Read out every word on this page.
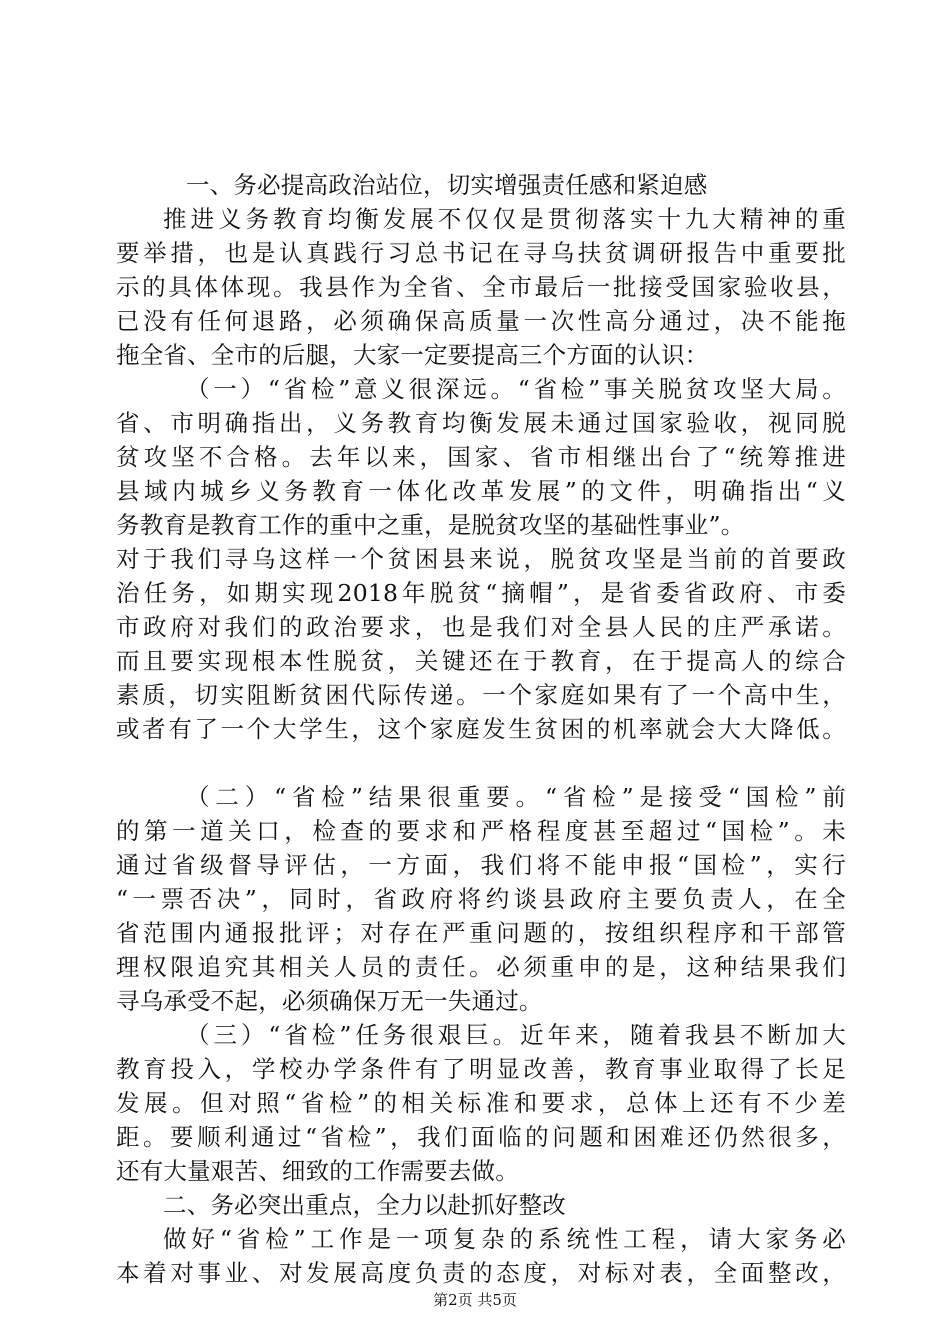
一、务必提高政治站位，切实增强责任感和紧迫感
推进义务教育均衡发展不仅仅是贯彻落实十九大精神的重
要举措，也是认真践行习总书记在寻乌扶贫调研报告中重要批
示的具体体现。我县作为全省、全市最后一批接受国家验收县，
已没有任何退路，必须确保高质量一次性高分通过，决不能拖
拖全省、全市的后腿，大家一定要提高三个方面的认识：
（一）“省检”意义很深远。“省检”事关脱贫攻坚大局。
省、市明确指出，义务教育均衡发展未通过国家验收，视同脱
贫攻坚不合格。去年以来，国家、省市相继出台了“统筹推进
县域内城乡义务教育一体化改革发展”的文件，明确指出“义
务教育是教育工作的重中之重，是脱贫攻坚的基础性事业”。
对于我们寻乌这样一个贫困县来说，脱贫攻坚是当前的首要政
治任务，如期实现2018年脱贫“摘帽”，是省委省政府、市委
市政府对我们的政治要求，也是我们对全县人民的庄严承诺。
而且要实现根本性脱贫，关键还在于教育，在于提高人的综合
素质，切实阻断贫困代际传递。一个家庭如果有了一个高中生，
或者有了一个大学生，这个家庭发生贫困的机率就会大大降低。
（二）“省检”结果很重要。“省检”是接受“国检”前
的第一道关口，检查的要求和严格程度甚至超过“国检”。未
通过省级督导评估，一方面，我们将不能申报“国检”，实行
“一票否决”，同时，省政府将约谈县政府主要负责人，在全
省范围内通报批评；对存在严重问题的，按组织程序和干部管
理权限追究其相关人员的责任。必须重申的是，这种结果我们
寻乌承受不起，必须确保万无一失通过。
（三）“省检”任务很艰巨。近年来，随着我县不断加大
教育投入，学校办学条件有了明显改善，教育事业取得了长足
发展。但对照“省检”的相关标准和要求，总体上还有不少差
距。要顺利通过“省检”，我们面临的问题和困难还仍然很多，
还有大量艰苦、细致的工作需要去做。
二、务必突出重点，全力以赴抓好整改
做好“省检”工作是一项复杂的系统性工程，请大家务必
本着对事业、对发展高度负责的态度，对标对表，全面整改，
第2页 共5页
